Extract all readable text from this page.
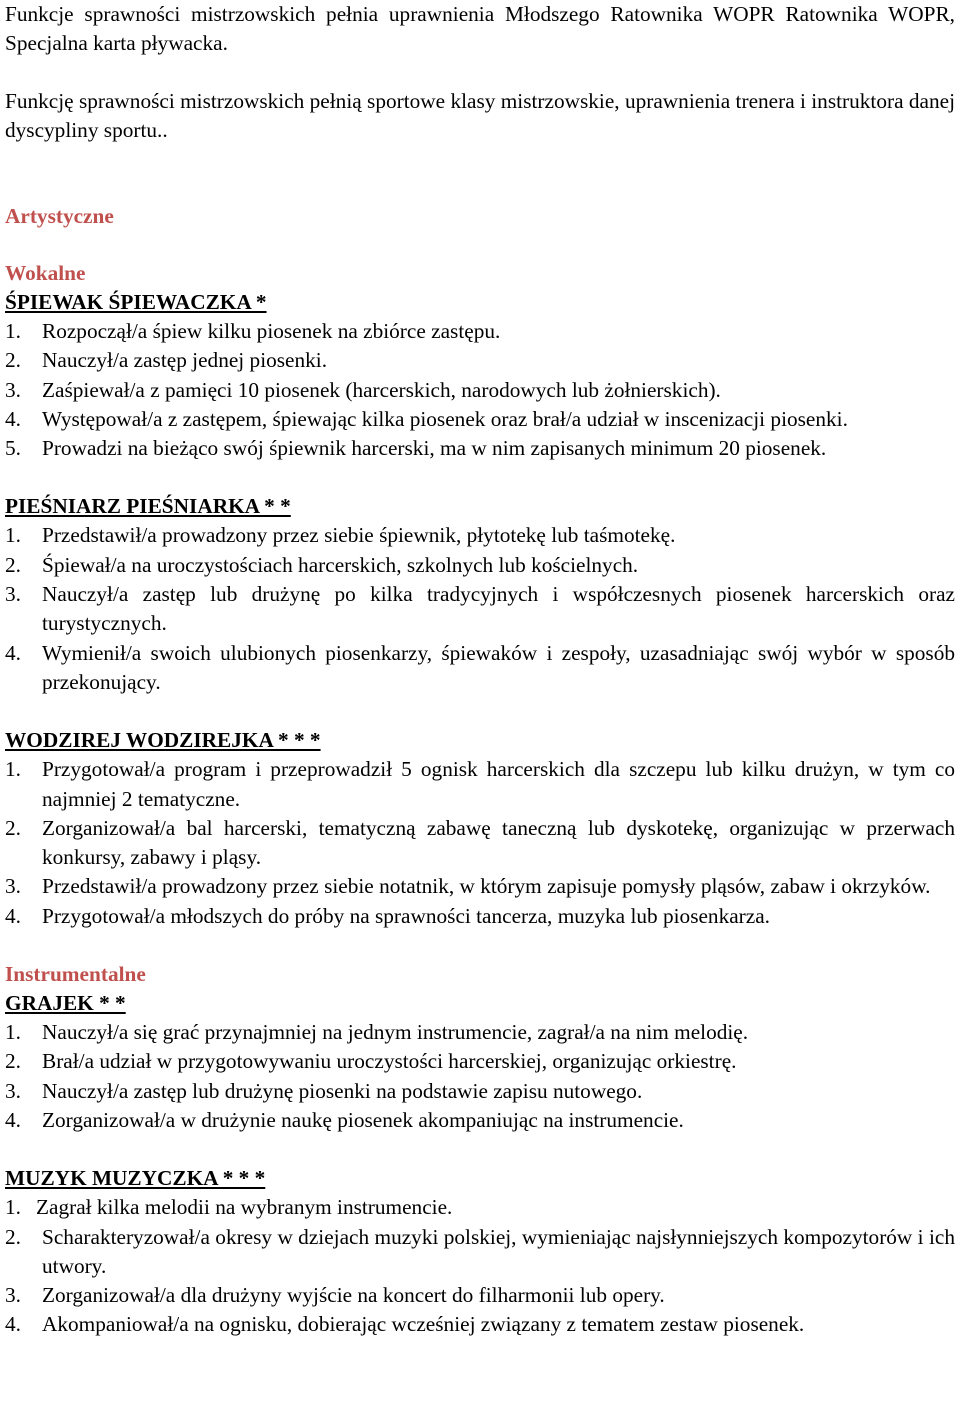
Funkcje sprawności mistrzowskich pełnia uprawnienia Młodszego Ratownika WOPR Ratownika WOPR, Specjalna karta pływacka.

Funkcję sprawności mistrzowskich pełnią sportowe klasy mistrzowskie, uprawnienia trenera i instruktora danej dyscypliny sportu..

Artystyczne

Wokalne

ŚPIEWAK ŚPIEWACZKA *

1. Rozpoczął/a śpiew kilku piosenek na zbiórce zastępu.
2. Nauczył/a zastęp jednej piosenki.
3. Zaśpiewał/a z pamięci 10 piosenek (harcerskich, narodowych lub żołnierskich).
4. Występował/a z zastępem, śpiewając kilka piosenek oraz brał/a udział w inscenizacji piosenki.
5. Prowadzi na bieżąco swój śpiewnik harcerski, ma w nim zapisanych minimum 20 piosenek.

PIEŚNIARZ PIEŚNIARKA * *

1. Przedstawił/a prowadzony przez siebie śpiewnik, płytotekę lub taśmotekę.
2. Śpiewał/a na uroczystościach harcerskich, szkolnych lub kościelnych.
3. Nauczył/a zastęp lub drużynę po kilka tradycyjnych i współczesnych piosenek harcerskich oraz turystycznych.
4. Wymienił/a swoich ulubionych piosenkarzy, śpiewaków i zespoły, uzasadniając swój wybór w sposób przekonujący.

WODZIREJ WODZIREJKA * * *

1. Przygotował/a program i przeprowadził 5 ognisk harcerskich dla szczepu lub kilku drużyn, w tym co najmniej 2 tematyczne.
2. Zorganizował/a bal harcerski, tematyczną zabawę taneczną lub dyskotekę, organizując w przerwach konkursy, zabawy i pląsy.
3. Przedstawił/a prowadzony przez siebie notatnik, w którym zapisuje pomysły pląsów, zabaw i okrzyków.
4. Przygotował/a młodszych do próby na sprawności tancerza, muzyka lub piosenkarza.

Instrumentalne

GRAJEK * *

1. Nauczył/a się grać przynajmniej na jednym instrumencie, zagrał/a na nim melodię.
2. Brał/a udział w przygotowywaniu uroczystości harcerskiej, organizując orkiestrę.
3. Nauczył/a zastęp lub drużynę piosenki na podstawie zapisu nutowego.
4. Zorganizował/a w drużynie naukę piosenek akompaniując na instrumencie.

MUZYK MUZYCZKA * * *

1. Zagrał kilka melodii na wybranym instrumencie.
2. Scharakteryzował/a okresy w dziejach muzyki polskiej, wymieniając najsłynniejszych kompozytorów i ich utwory.
3. Zorganizował/a dla drużyny wyjście na koncert do filharmonii lub opery.
4. Akompaniował/a na ognisku, dobierając wcześniej związany z tematem zestaw piosenek.
